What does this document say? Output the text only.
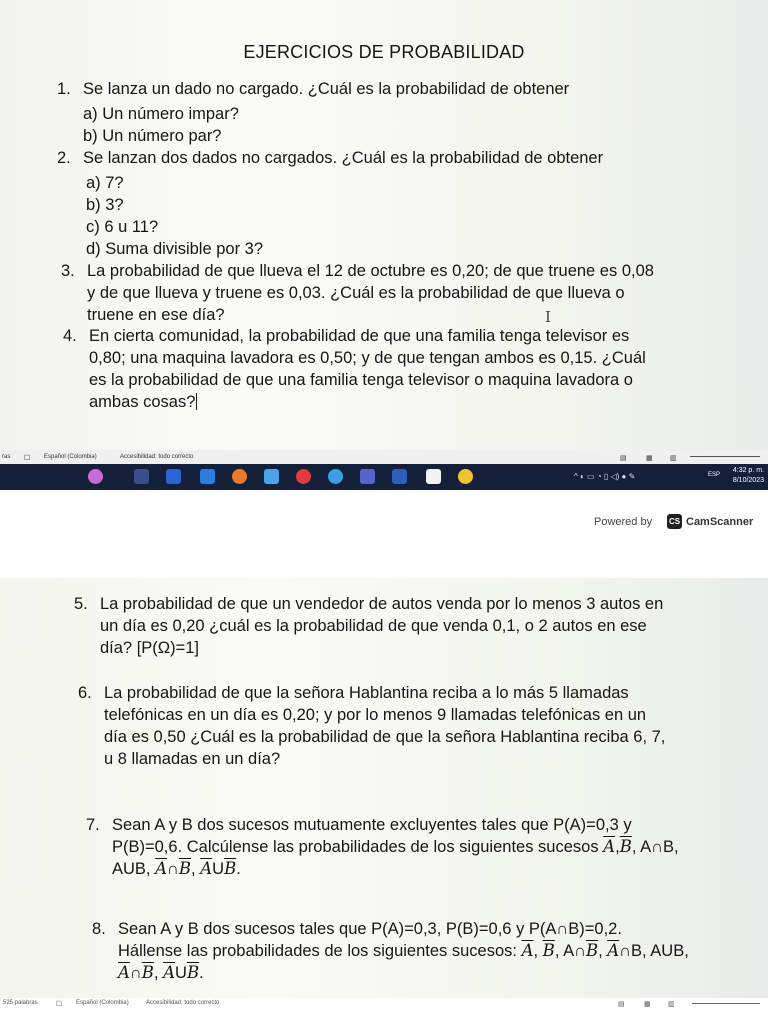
EJERCICIOS DE PROBABILIDAD
1. Se lanza un dado no cargado. ¿Cuál es la probabilidad de obtener
a) Un número impar?
b) Un número par?
2. Se lanzan dos dados no cargados. ¿Cuál es la probabilidad de obtener
a) 7?
b) 3?
c) 6 u 11?
d) Suma divisible por 3?
3. La probabilidad de que llueva el 12 de octubre es 0,20; de que truene es 0,08
y de que llueva y truene es 0,03. ¿Cuál es la probabilidad de que llueva o
truene en ese día?
4. En cierta comunidad, la probabilidad de que una familia tenga televisor es
0,80; una maquina lavadora es 0,50; y de que tengan ambos es 0,15. ¿Cuál
es la probabilidad de que una familia tenga televisor o maquina lavadora o
ambas cosas?
I
ras ☐ Español (Colombia)	Accesibilidad: todo correcto	▤	▦ ▥
^ ◐ ▭ ◔ ▯ ◁) ● ✎	ESP
4:32 p. m.
8/10/2023
Powered by CS CamScanner
5. La probabilidad de que un vendedor de autos venda por lo menos 3 autos en
un día es 0,20 ¿cuál es la probabilidad de que venda 0,1, o 2 autos en ese
día? [P(Ω)=1]
6. La probabilidad de que la señora Hablantina reciba a lo más 5 llamadas
telefónicas en un día es 0,20; y por lo menos 9 llamadas telefónicas en un
día es 0,50 ¿Cuál es la probabilidad de que la señora Hablantina reciba 6, 7,
u 8 llamadas en un día?
7. Sean A y B dos sucesos mutuamente excluyentes tales que P(A)=0,3 y
P(B)=0,6. Calcúlense las probabilidades de los siguientes sucesos $\overline{A},\overline{B}$, A∩B,
AUB, $\overline{A}\cap\overline{B}$, $\overline{A}U\overline{B}$.
8. Sean A y B dos sucesos tales que P(A)=0,3, P(B)=0,6 y P(A∩B)=0,2.
Hállense las probabilidades de los siguientes sucesos: $\overline{A}$, $\overline{B}$, $A\cap\overline{B}$, $\overline{A}\cap B$, AUB,
$\overline{A}\cap\overline{B}$, $\overline{A}U\overline{B}$.
525 palabras	☐ Español (Colombia)	Accesibilidad: todo correcto	▤	▦ ▥
